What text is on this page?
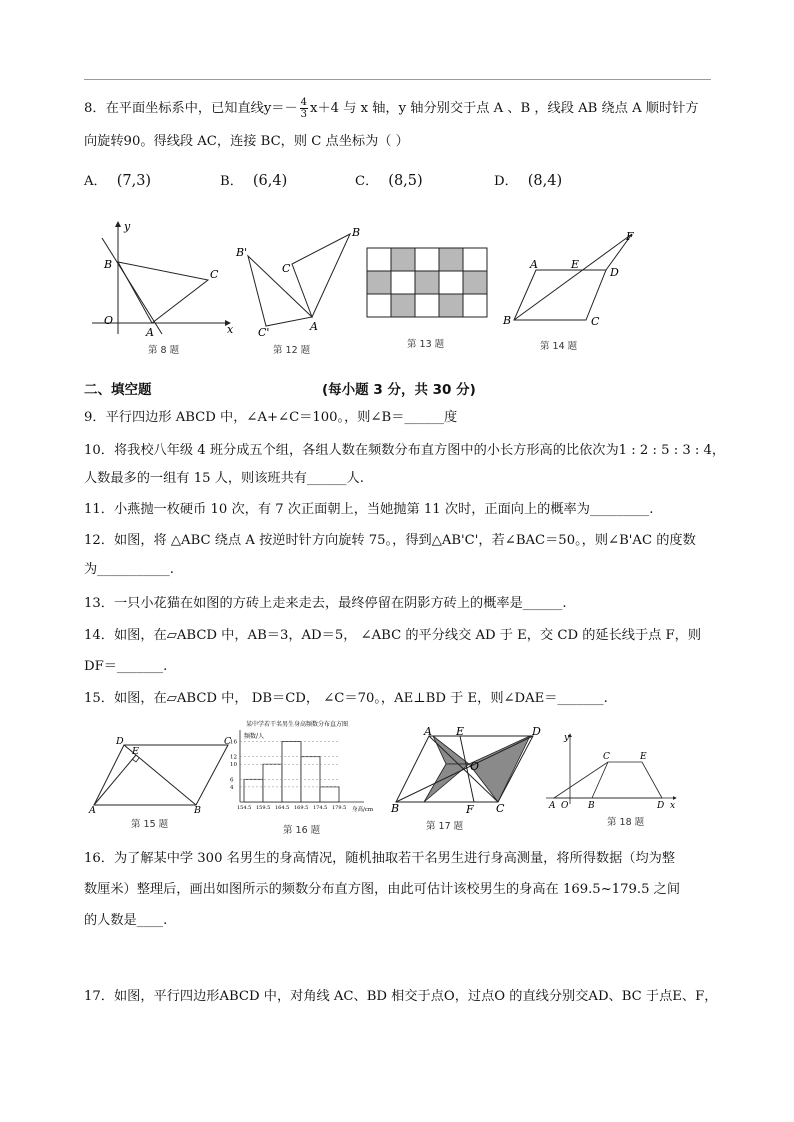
8．在平面坐标系中，已知直线$y=- \frac{4}{3} x+4$ 与 x 轴，y 轴分别交于点 A 、B ，线段 AB 绕点 A 顺时针方
向旋转90。得线段 AC，连接 BC，则 C 点坐标为（ ）
A． (7,3)	B． (6,4)	C． (8,5)	D． (8,4)
y
x
O
A
B
C
第 8 题
B'
B
C
C'	A
第 12 题
第 13 题
A	E
F
D
B	C
第 14 题
二、填空题	(每小题 3 分，共 30 分)
9．平行四边形 ABCD 中，∠A+∠C＝100。，则∠B＝______度
10．将我校八年级 4 班分成五个组，各组人数在频数分布直方图中的小长方形高的比依次为1 : 2 : 5 : 3 : 4，
人数最多的一组有 15 人，则该班共有______人.
11．小燕抛一枚硬币 10 次，有 7 次正面朝上，当她抛第 11 次时，正面向上的概率为_________.
12．如图，将 △ABC 绕点 A 按逆时针方向旋转 75。，得到△AB'C'，若∠BAC＝50。，则∠B'AC 的度数
为___________.
13．一只小花猫在如图的方砖上走来走去，最终停留在阴影方砖上的概率是______.
14．如图，在▱ABCD 中，AB＝3，AD＝5， ∠ABC 的平分线交 AD 于 E，交 CD 的延长线于点 F，则
DF＝_______.
15．如图，在▱ABCD 中， DB＝CD， ∠C＝70。，AE⊥BD 于 E，则∠DAE＝_______.
D
E
C
A	B
第 15 题
某中学若干名男生身高频数分布直方图
频数/人
4
6
10
12
16
154.5 159.5 164.5 169.5 174.5 179.5 身高/cm
第 16 题
A E	D
O
B	F C
第 17 题
y
C	E
A O B	D x
第 18 题
16．为了解某中学 300 名男生的身高情况，随机抽取若干名男生进行身高测量，将所得数据（均为整
数厘米）整理后，画出如图所示的频数分布直方图，由此可估计该校男生的身高在 169.5~179.5 之间
的人数是____.
17．如图，平行四边形ABCD 中，对角线 AC、BD 相交于点O，过点O 的直线分别交AD、BC 于点E、F，
